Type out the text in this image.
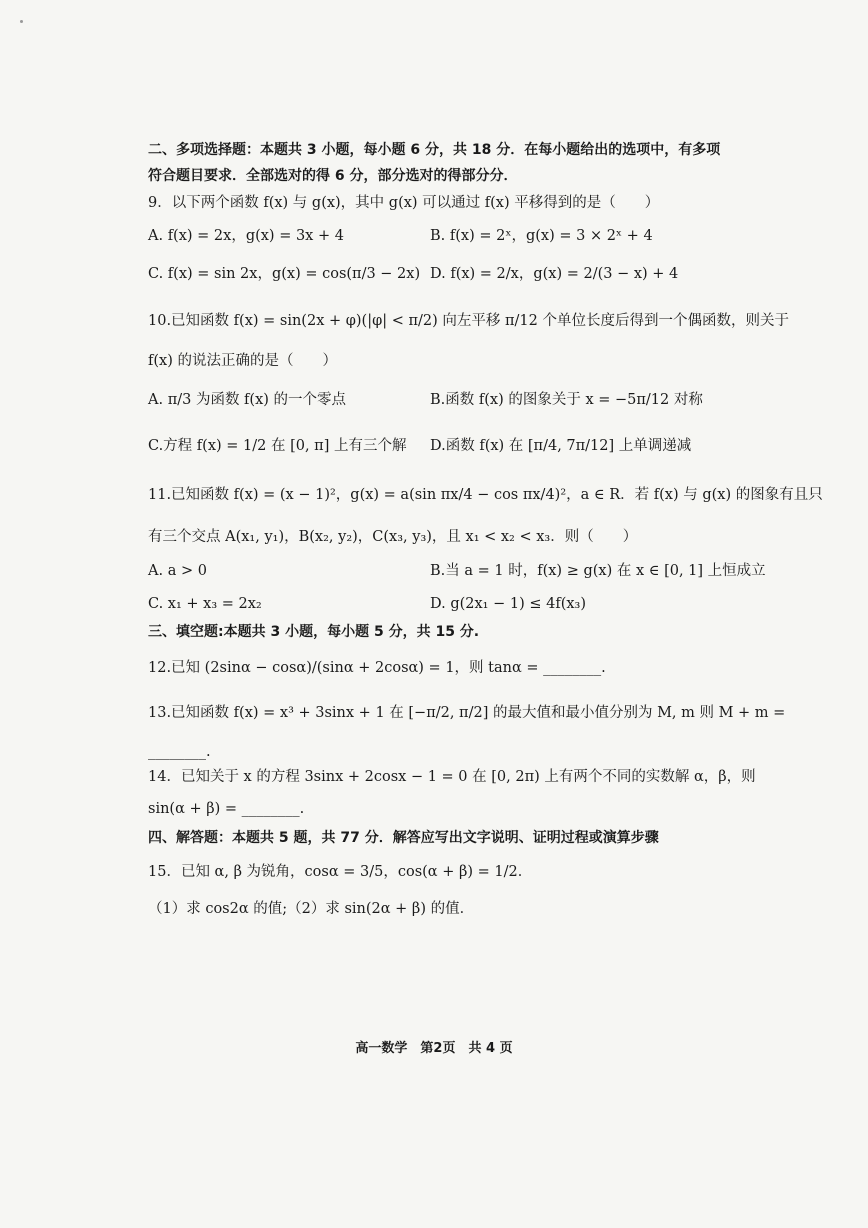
二、多项选择题：本题共 3 小题，每小题 6 分，共 18 分．在每小题给出的选项中，有多项
符合题目要求．全部选对的得 6 分，部分选对的得部分分．
9．以下两个函数 f(x) 与 g(x)，其中 g(x) 可以通过 f(x) 平移得到的是（　　）
A. f(x) = 2x，g(x) = 3x + 4	B. f(x) = 2ˣ，g(x) = 3 × 2ˣ + 4
C. f(x) = sin 2x，g(x) = cos(π/3 − 2x) D. f(x) = 2/x，g(x) = 2/(3 − x) + 4
10.已知函数 f(x) = sin(2x + φ)(|φ| < π/2) 向左平移 π/12 个单位长度后得到一个偶函数，则关于
f(x) 的说法正确的是（　　）
A. π/3 为函数 f(x) 的一个零点	B.函数 f(x) 的图象关于 x = −5π/12 对称
C.方程 f(x) = 1/2 在 [0, π] 上有三个解 D.函数 f(x) 在 [π/4, 7π/12] 上单调递减
11.已知函数 f(x) = (x − 1)²，g(x) = a(sin πx/4 − cos πx/4)²，a ∈ R．若 f(x) 与 g(x) 的图象有且只
有三个交点 A(x₁, y₁)，B(x₂, y₂)，C(x₃, y₃)，且 x₁ < x₂ < x₃．则（　　）
A. a > 0	B.当 a = 1 时，f(x) ≥ g(x) 在 x ∈ [0, 1] 上恒成立
C. x₁ + x₃ = 2x₂	D. g(2x₁ − 1) ≤ 4f(x₃)
三、填空题:本题共 3 小题，每小题 5 分，共 15 分.
12.已知 (2sinα − cosα)/(sinα + 2cosα) = 1，则 tanα = ________.
13.已知函数 f(x) = x³ + 3sinx + 1 在 [−π/2, π/2] 的最大值和最小值分别为 M, m 则 M + m =
________.
14．已知关于 x 的方程 3sinx + 2cosx − 1 = 0 在 [0, 2π) 上有两个不同的实数解 α，β，则
sin(α + β) = ________.
四、解答题：本题共 5 题，共 77 分．解答应写出文字说明、证明过程或演算步骤
15．已知 α, β 为锐角，cosα = 3/5，cos(α + β) = 1/2．
（1）求 cos2α 的值;（2）求 sin(2α + β) 的值．
高一数学　第2页　共 4 页
